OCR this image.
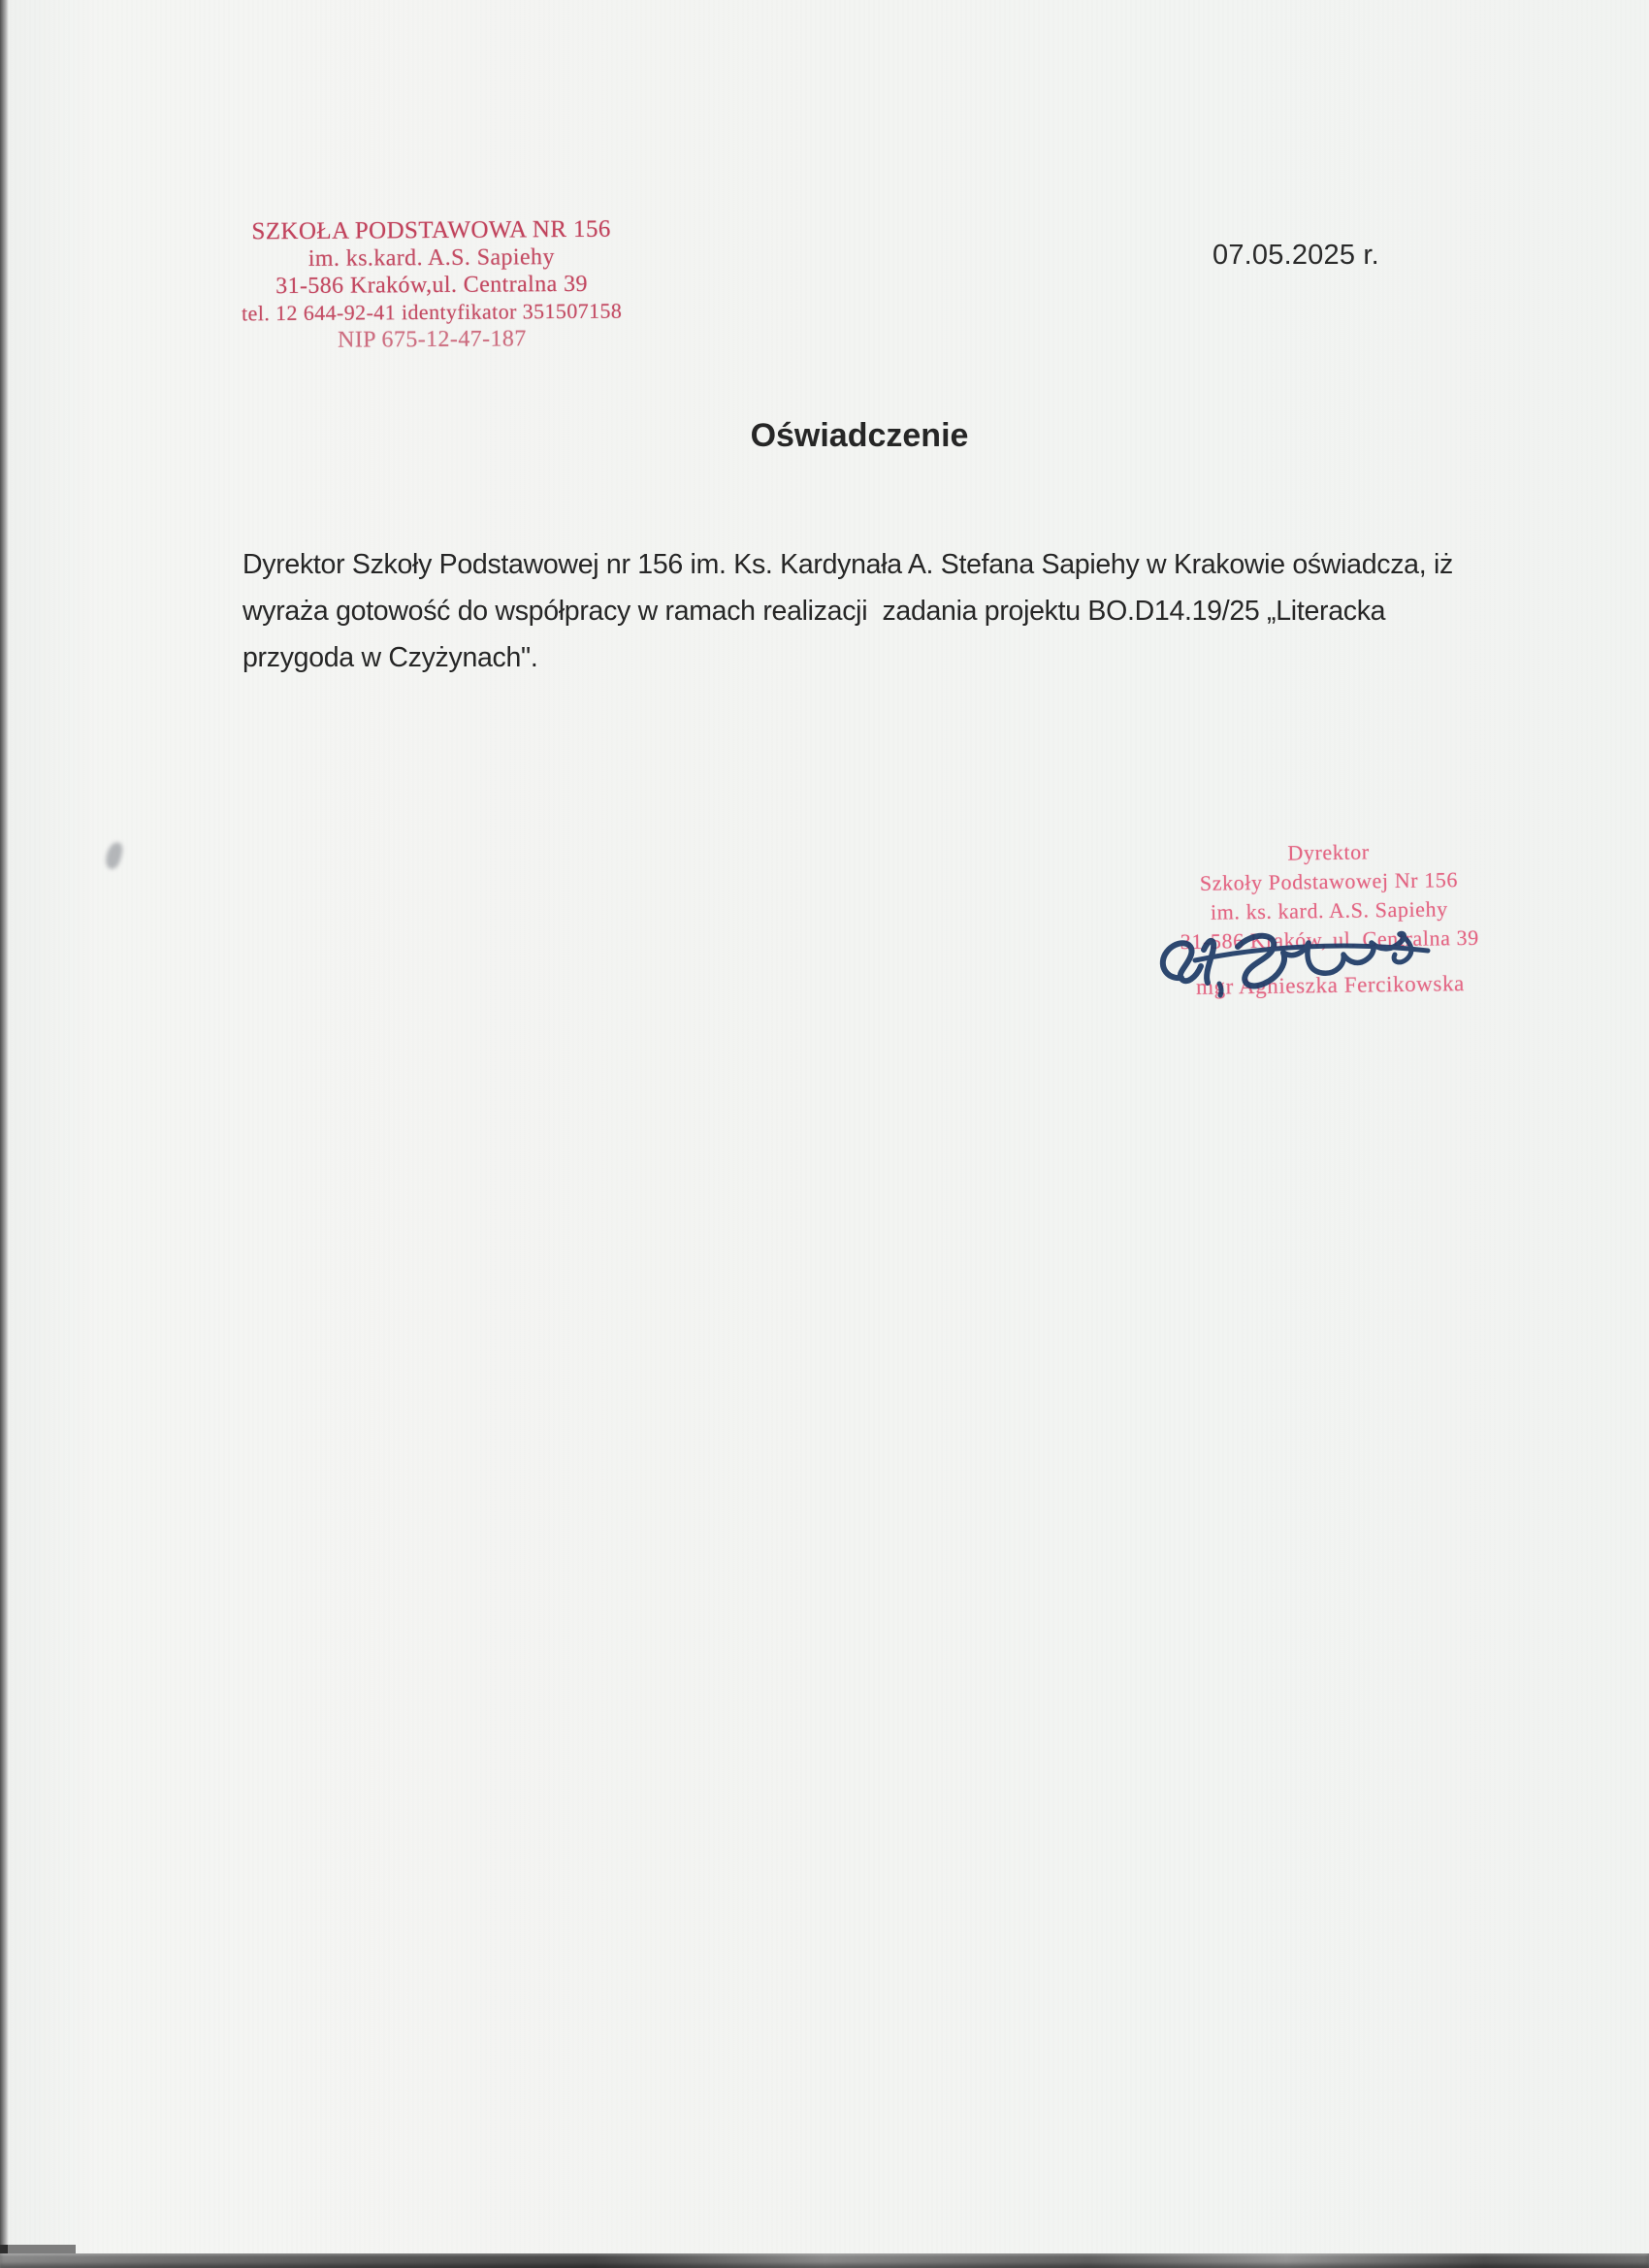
SZKOŁA PODSTAWOWA NR 156
im. ks.kard. A.S. Sapiehy
31-586 Kraków,ul. Centralna 39
tel. 12 644-92-41 identyfikator 351507158
NIP 675-12-47-187
07.05.2025 r.
Oświadczenie
Dyrektor Szkoły Podstawowej nr 156 im. Ks. Kardynała A. Stefana Sapiehy w Krakowie oświadcza, iż
wyraża gotowość do współpracy w ramach realizacji  zadania projektu BO.D14.19/25 „Literacka
przygoda w Czyżynach".
Dyrektor
Szkoły Podstawowej Nr 156
im. ks. kard. A.S. Sapiehy
31-586 Kraków, ul. Centralna 39
mgr Agnieszka Fercikowska
